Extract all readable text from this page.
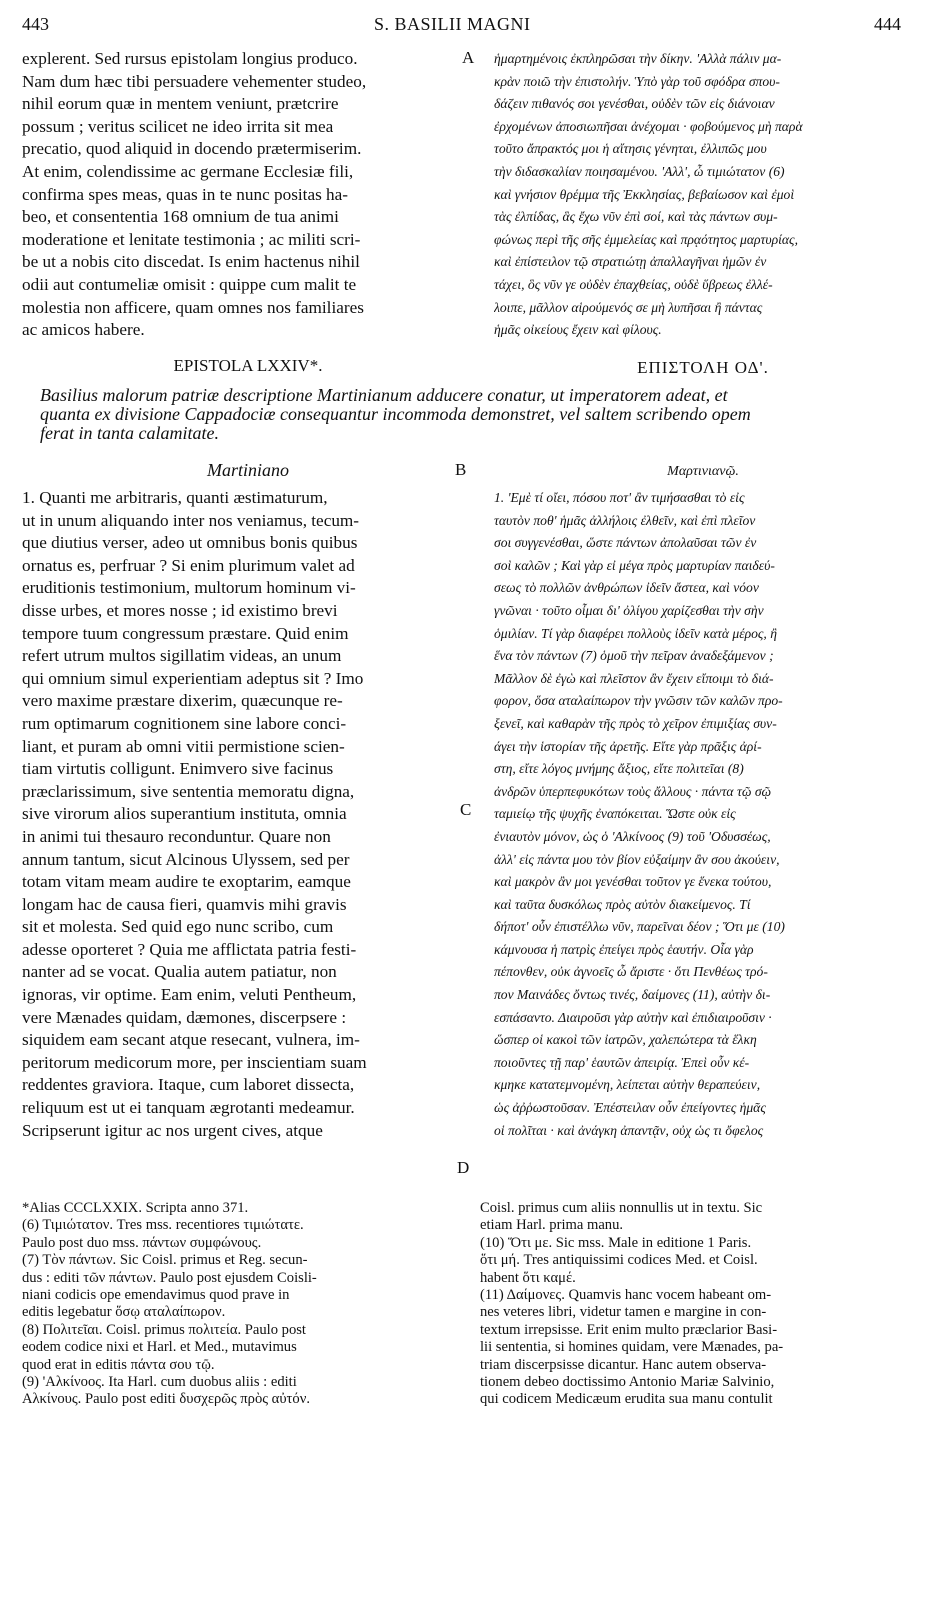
443	S. BASILII MAGNI	444
explerent. Sed rursus epistolam longius produco.
Nam dum hæc tibi persuadere vehementer studeo,
nihil eorum quæ in mentem veniunt, prætcrire
possum ; veritus scilicet ne ideo irrita sit mea
precatio, quod aliquid in docendo prætermiserim.
At enim, colendissime ac germane Ecclesiæ fili,
confirma spes meas, quas in te nunc positas ha-
beo, et consententia 168 omnium de tua animi
moderatione et lenitate testimonia ; ac militi scri-
be ut a nobis cito discedat. Is enim hactenus nihil
odii aut contumeliæ omisit : quippe cum malit te
molestia non afficere, quam omnes nos familiares
ac amicos habere.
A ἡμαρτημένοις ἐκπληρῶσαι τὴν δίκην. 'Αλλὰ πάλιν μα-
κρὰν ποιῶ τὴν ἐπιστολήν. Ὑπὸ γὰρ τοῦ σφόδρα σπου-
δάζειν πιθανός σοι γενέσθαι, οὐδὲν τῶν εἰς διάνοιαν
ἐρχομένων ἀποσιωπῆσαι ἀνέχομαι · φοβούμενος μὴ παρὰ
τοῦτο ἄπρακτός μοι ἡ αἴτησις γένηται, ἐλλιπῶς μου
τὴν διδασκαλίαν ποιησαμένου. 'Αλλ', ὦ τιμιώτατον (6)
καὶ γνήσιον θρέμμα τῆς Ἐκκλησίας, βεβαίωσον καὶ ἐμοὶ
τὰς ἐλπίδας, ἃς ἔχω νῦν ἐπὶ σοί, καὶ τὰς πάντων συμ-
φώνως περὶ τῆς σῆς ἐμμελείας καὶ πρᾳότητος μαρτυρίας,
καὶ ἐπίστειλον τῷ στρατιώτῃ ἀπαλλαγῆναι ἡμῶν ἐν
τάχει, ὃς νῦν γε οὐδὲν ἐπαχθείας, οὐδὲ ὕβρεως ἐλλέ-
λοιπε, μᾶλλον αἱρούμενός σε μὴ λυπῆσαι ἢ πάντας
ἡμᾶς οἰκείους ἔχειν καὶ φίλους.
EPISTOLA LXXIV*.	ΕΠΙΣΤΟΛΗ ΟΔ'.
Basilius malorum patriæ descriptione Martinianum adducere conatur, ut imperatorem adeat, et
quanta ex divisione Cappadociæ consequantur incommoda demonstret, vel saltem scribendo opem
ferat in tanta calamitate.
Martiniano	B	Μαρτινιανῷ.
1. Quanti me arbitraris, quanti æstimaturum,
ut in unum aliquando inter nos veniamus, tecum-
que diutius verser, adeo ut omnibus bonis quibus
ornatus es, perfruar ? Si enim plurimum valet ad
eruditionis testimonium, multorum hominum vi-
disse urbes, et mores nosse ; id existimo brevi
tempore tuum congressum præstare. Quid enim
refert utrum multos sigillatim videas, an unum
qui omnium simul experientiam adeptus sit ? Imo
vero maxime præstare dixerim, quæcunque re-
rum optimarum cognitionem sine labore conci-
liant, et puram ab omni vitii permistione scien-
tiam virtutis colligunt. Enimvero sive facinus
præclarissimum, sive sententia memoratu digna,
sive virorum alios superantium instituta, omnia
in animi tui thesauro reconduntur. Quare non
annum tantum, sicut Alcinous Ulyssem, sed per
totam vitam meam audire te exoptarim, eamque
longam hac de causa fieri, quamvis mihi gravis
sit et molesta. Sed quid ego nunc scribo, cum
adesse oporteret ? Quia me afflictata patria festi-
nanter ad se vocat. Qualia autem patiatur, non
ignoras, vir optime. Eam enim, veluti Pentheum,
vere Mænades quidam, dæmones, discerpsere :
siquidem eam secant atque resecant, vulnera, im-
peritorum medicorum more, per inscientiam suam
reddentes graviora. Itaque, cum laboret dissecta,
reliquum est ut ei tanquam ægrotanti medeamur.
Scripserunt igitur ac nos urgent cives, atque
C
1. 'Εμὲ τί οἴει, πόσου ποτ' ἂν τιμήσασθαι τὸ εἰς
ταυτὸν ποθ' ἡμᾶς ἀλλήλοις ἐλθεῖν, καὶ ἐπὶ πλεῖον
σοι συγγενέσθαι, ὥστε πάντων ἀπολαῦσαι τῶν ἐν
σοὶ καλῶν ; Καὶ γὰρ εἰ μέγα πρὸς μαρτυρίαν παιδεύ-
σεως τὸ πολλῶν ἀνθρώπων ἰδεῖν ἄστεα, καὶ νόον
γνῶναι · τοῦτο οἶμαι δι' ὀλίγου χαρίζεσθαι τὴν σὴν
ὁμιλίαν. Τί γὰρ διαφέρει πολλοὺς ἰδεῖν κατὰ μέρος, ἢ
ἕνα τὸν πάντων (7) ὁμοῦ τὴν πεῖραν ἀναδεξάμενον ;
Μᾶλλον δὲ ἐγὼ καὶ πλεῖστον ἂν ἔχειν εἴποιμι τὸ διά-
φορον, ὅσα αταλαίπωρον τὴν γνῶσιν τῶν καλῶν προ-
ξενεῖ, καὶ καθαρὰν τῆς πρὸς τὸ χεῖρον ἐπιμιξίας συν-
άγει τὴν ἱστορίαν τῆς ἀρετῆς. Εἴτε γὰρ πρᾶξις ἀρί-
στη, εἴτε λόγος μνήμης ἄξιος, εἴτε πολιτεῖαι (8)
ἀνδρῶν ὑπερπεφυκότων τοὺς ἄλλους · πάντα τῷ σῷ
ταμιείῳ τῆς ψυχῆς ἐναπόκειται. Ὥστε οὐκ εἰς
ἐνιαυτὸν μόνον, ὡς ὁ 'Αλκίνοος (9) τοῦ 'Οδυσσέως,
ἀλλ' εἰς πάντα μου τὸν βίον εὐξαίμην ἂν σου ἀκούειν,
καὶ μακρὸν ἂν μοι γενέσθαι τοῦτον γε ἕνεκα τούτου,
καὶ ταῦτα δυσκόλως πρὸς αὐτὸν διακείμενος. Τί
δήποτ' οὖν ἐπιστέλλω νῦν, παρεῖναι δέον ; Ὅτι με (10)
κάμνουσα ἡ πατρὶς ἐπείγει πρὸς ἑαυτήν. Οἷα γὰρ
πέπονθεν, οὐκ ἀγνοεῖς ὦ ἄριστε · ὅτι Πενθέως τρό-
πον Μαινάδες ὄντως τινές, δαίμονες (11), αὐτὴν δι-
εσπάσαντο. Διαιροῦσι γὰρ αὐτὴν καὶ ἐπιδιαιροῦσιν ·
ὥσπερ οἱ κακοὶ τῶν ἰατρῶν, χαλεπώτερα τὰ ἕλκη
ποιοῦντες τῇ παρ' ἑαυτῶν ἀπειρίᾳ. Ἐπεὶ οὖν κέ-
κμηκε κατατεμνομένη, λείπεται αὐτὴν θεραπεύειν,
ὡς ἀῤῥωστοῦσαν. Ἐπέστειλαν οὖν ἐπείγοντες ἡμᾶς
οἱ πολῖται · καὶ ἀνάγκη ἀπαντᾷν, οὐχ ὡς τι ὄφελος
D
*Alias CCCLXXIX. Scripta anno 371.
(6) Τιμιώτατον. Tres mss. recentiores τιμιώτατε.
Paulo post duo mss. πάντων συμφώνους.
(7) Τὸν πάντων. Sic Coisl. primus et Reg. secun-
dus : editi τῶν πάντων. Paulo post ejusdem Coisli-
niani codicis ope emendavimus quod prave in
editis legebatur ὅσῳ αταλαίπωρον.
(8) Πολιτεῖαι. Coisl. primus πολιτεία. Paulo post
eodem codice nixi et Harl. et Med., mutavimus
quod erat in editis πάντα σου τῷ.
(9) 'Αλκίνοος. Ita Harl. cum duobus aliis : editi
Αλκίνους. Paulo post editi δυσχερῶς πρὸς αὐτόν.
Coisl. primus cum aliis nonnullis ut in textu. Sic
etiam Harl. prima manu.
(10) Ὅτι με. Sic mss. Male in editione 1 Paris.
ὅτι μή. Tres antiquissimi codices Med. et Coisl.
habent ὅτι καμέ.
(11) Δαίμονες. Quamvis hanc vocem habeant om-
nes veteres libri, videtur tamen e margine in con-
textum irrepsisse. Erit enim multo præclarior Basi-
lii sententia, si homines quidam, vere Mænades, pa-
triam discerpsisse dicantur. Hanc autem observa-
tionem debeo doctissimo Antonio Mariæ Salvinio,
qui codicem Medicæum erudita sua manu contulit
